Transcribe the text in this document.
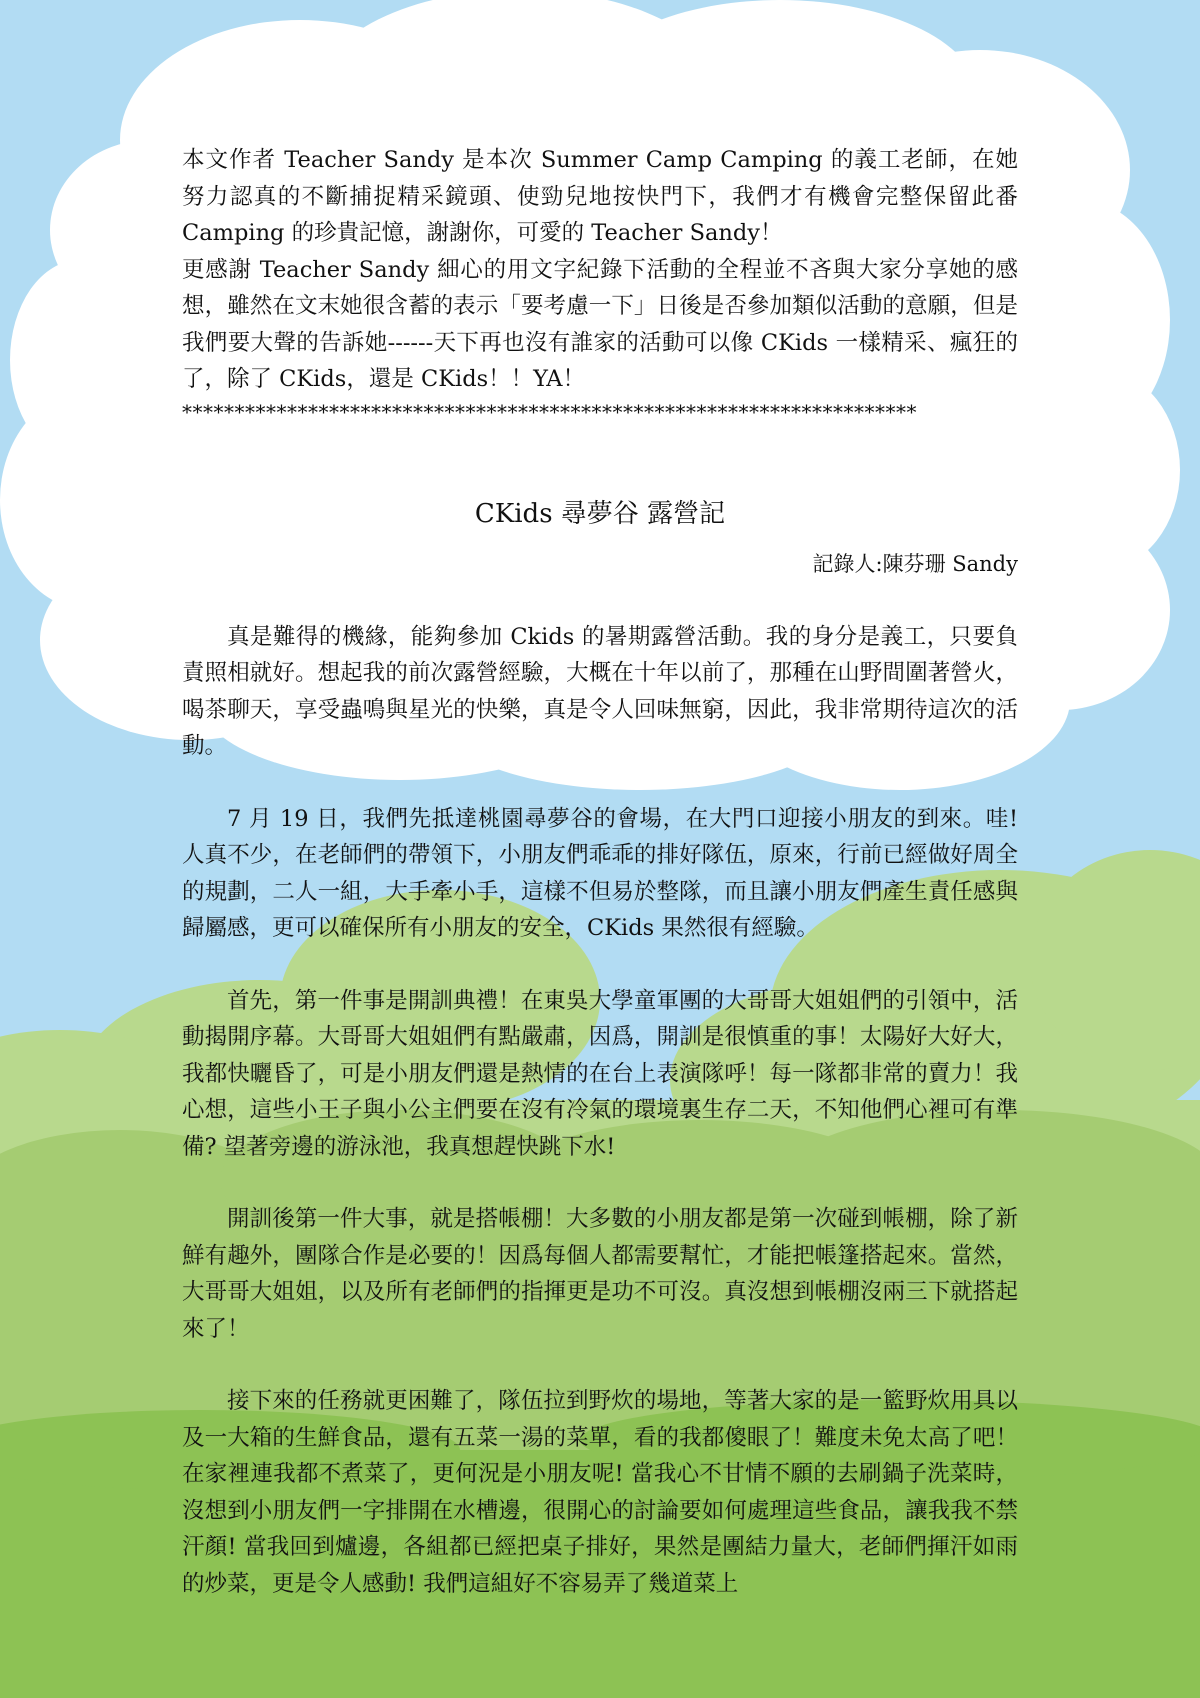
本文作者 Teacher Sandy 是本次 Summer Camp Camping 的義工老師，在她努力認真的不斷捕捉精采鏡頭、使勁兒地按快門下，我們才有機會完整保留此番 Camping 的珍貴記憶，謝謝你，可愛的 Teacher Sandy！

更感謝 Teacher Sandy 細心的用文字紀錄下活動的全程並不吝與大家分享她的感想，雖然在文末她很含蓄的表示「要考慮一下」日後是否參加類似活動的意願，但是我們要大聲的告訴她------天下再也沒有誰家的活動可以像 CKids 一樣精采、瘋狂的了，除了 CKids，還是 CKids！！YA！

**********************************************************************

CKids 尋夢谷 露營記

記錄人:陳芬珊 Sandy

真是難得的機緣，能夠參加 Ckids 的暑期露營活動。我的身分是義工，只要負責照相就好。想起我的前次露營經驗，大概在十年以前了，那種在山野間圍著營火，喝茶聊天，享受蟲鳴與星光的快樂，真是令人回味無窮，因此，我非常期待這次的活動。

7 月 19 日，我們先抵達桃園尋夢谷的會場，在大門口迎接小朋友的到來。哇! 人真不少，在老師們的帶領下，小朋友們乖乖的排好隊伍，原來，行前已經做好周全的規劃，二人一組，大手牽小手，這樣不但易於整隊，而且讓小朋友們產生責任感與歸屬感，更可以確保所有小朋友的安全，CKids 果然很有經驗。

首先，第一件事是開訓典禮！在東吳大學童軍團的大哥哥大姐姐們的引領中，活動揭開序幕。大哥哥大姐姐們有點嚴肅，因爲，開訓是很慎重的事！太陽好大好大，我都快曬昏了，可是小朋友們還是熱情的在台上表演隊呼！每一隊都非常的賣力！我心想，這些小王子與小公主們要在沒有冷氣的環境裏生存二天，不知他們心裡可有準備? 望著旁邊的游泳池，我真想趕快跳下水!

開訓後第一件大事，就是搭帳棚！大多數的小朋友都是第一次碰到帳棚，除了新鮮有趣外，團隊合作是必要的！因爲每個人都需要幫忙，才能把帳篷搭起來。當然，大哥哥大姐姐，以及所有老師們的指揮更是功不可沒。真沒想到帳棚沒兩三下就搭起來了！

接下來的任務就更困難了，隊伍拉到野炊的場地，等著大家的是一籃野炊用具以及一大箱的生鮮食品，還有五菜一湯的菜單，看的我都傻眼了！難度未免太高了吧！在家裡連我都不煮菜了，更何況是小朋友呢! 當我心不甘情不願的去刷鍋子洗菜時，沒想到小朋友們一字排開在水槽邊，很開心的討論要如何處理這些食品，讓我我不禁汗顏! 當我回到爐邊，各組都已經把桌子排好，果然是團結力量大，老師們揮汗如雨的炒菜，更是令人感動! 我們這組好不容易弄了幾道菜上
